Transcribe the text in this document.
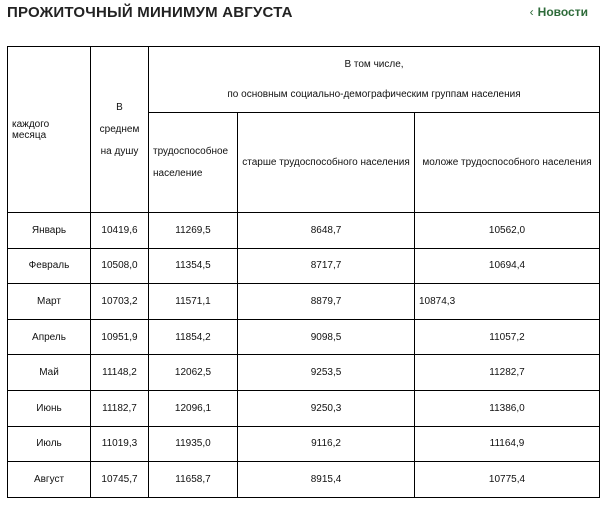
ПРОЖИТОЧНЫЙ МИНИМУМ АВГУСТА	‹ Новости
каждого месяца	В среднем
на душу	В том числе,
по основным социально-демографическим группам населения		
		трудоспособное
население	старше трудоспособного населения	моложе трудоспособного населения
Январь	10419,6	11269,5	8648,7	10562,0
Февраль	10508,0	11354,5	8717,7	10694,4
Март	10703,2	11571,1	8879,7	10874,3
Апрель	10951,9	11854,2	9098,5	11057,2
Май	11148,2	12062,5	9253,5	11282,7
Июнь	11182,7	12096,1	9250,3	11386,0
Июль	11019,3	11935,0	9116,2	11164,9
Август	10745,7	11658,7	8915,4	10775,4
